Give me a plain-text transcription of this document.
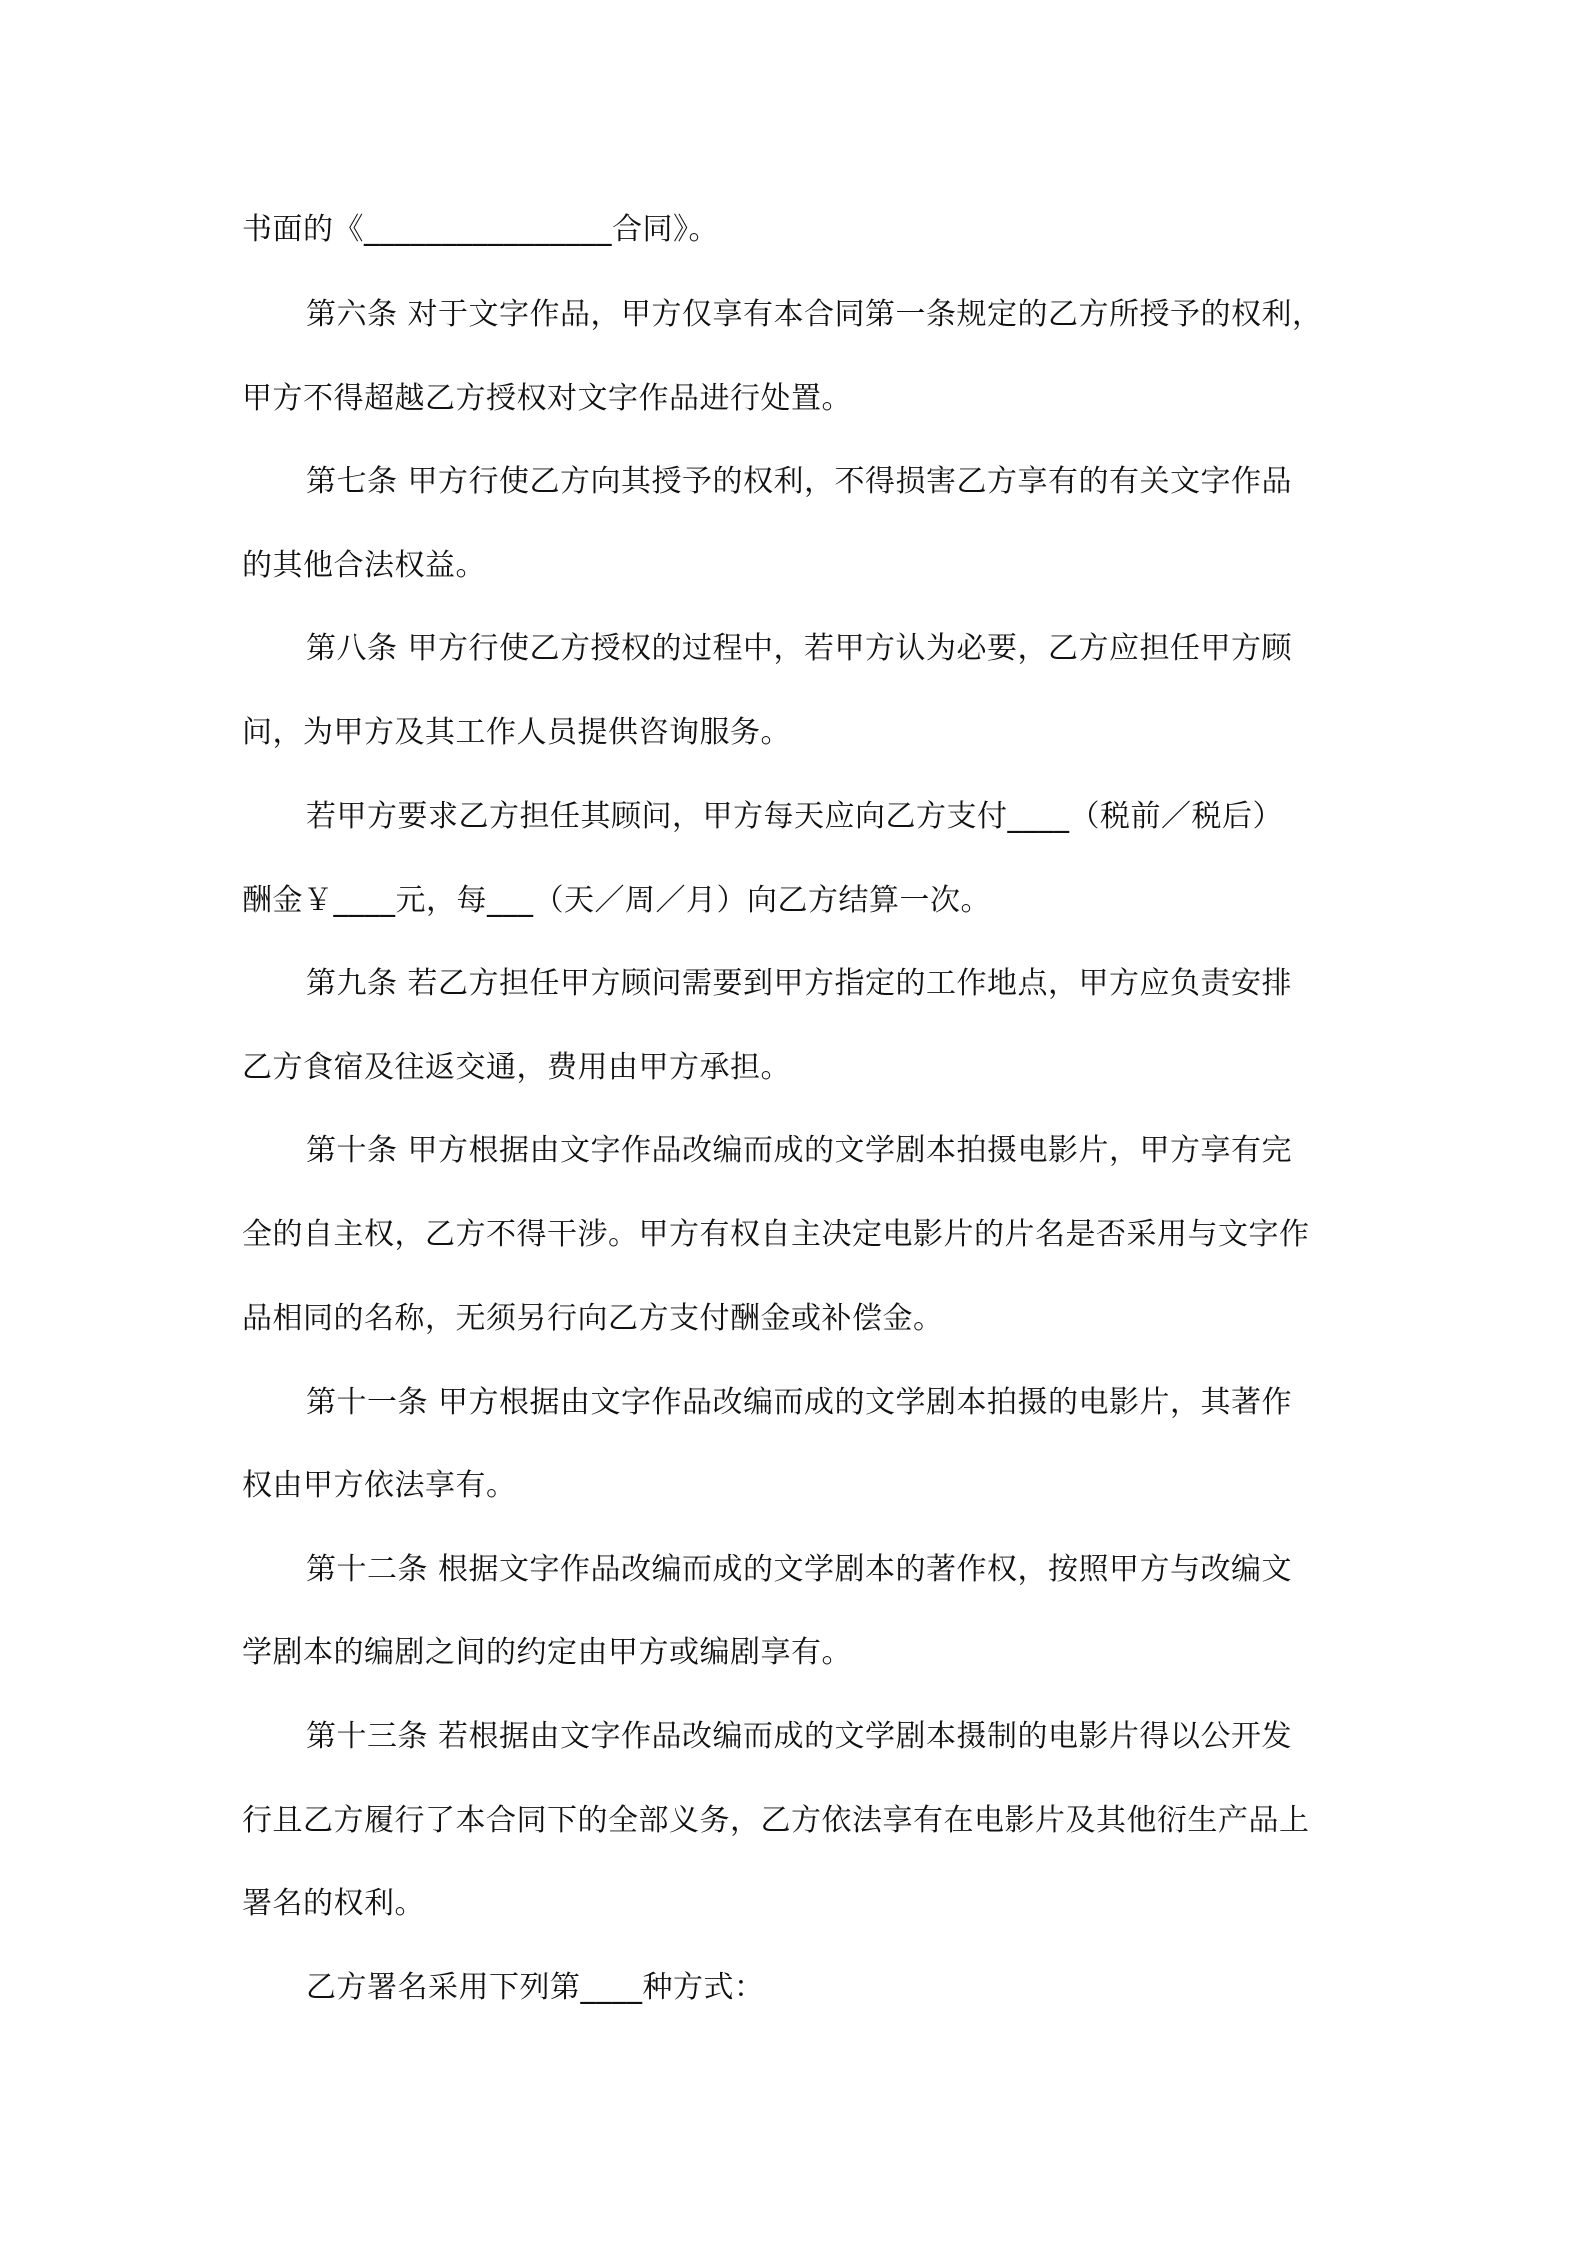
书面的《________________合同》。
第六条 对于文字作品，甲方仅享有本合同第一条规定的乙方所授予的权利，
甲方不得超越乙方授权对文字作品进行处置。
第七条 甲方行使乙方向其授予的权利，不得损害乙方享有的有关文字作品
的其他合法权益。
第八条 甲方行使乙方授权的过程中，若甲方认为必要，乙方应担任甲方顾
问，为甲方及其工作人员提供咨询服务。
若甲方要求乙方担任其顾问，甲方每天应向乙方支付____（税前／税后）
酬金￥____元，每___（天／周／月）向乙方结算一次。
第九条 若乙方担任甲方顾问需要到甲方指定的工作地点，甲方应负责安排
乙方食宿及往返交通，费用由甲方承担。
第十条 甲方根据由文字作品改编而成的文学剧本拍摄电影片，甲方享有完
全的自主权，乙方不得干涉。甲方有权自主决定电影片的片名是否采用与文字作
品相同的名称，无须另行向乙方支付酬金或补偿金。
第十一条 甲方根据由文字作品改编而成的文学剧本拍摄的电影片，其著作
权由甲方依法享有。
第十二条 根据文字作品改编而成的文学剧本的著作权，按照甲方与改编文
学剧本的编剧之间的约定由甲方或编剧享有。
第十三条 若根据由文字作品改编而成的文学剧本摄制的电影片得以公开发
行且乙方履行了本合同下的全部义务，乙方依法享有在电影片及其他衍生产品上
署名的权利。
乙方署名采用下列第____种方式：
